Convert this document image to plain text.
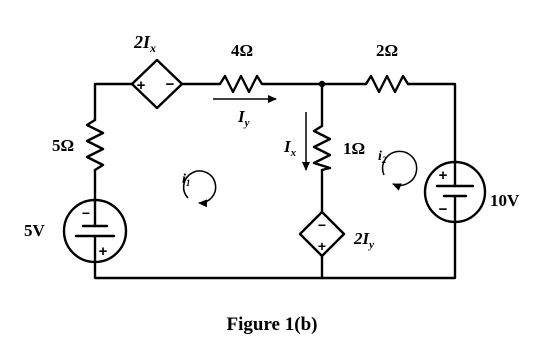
+ −
−
+
−
+
+
−
$2I_x$	4Ω	2Ω
5Ω	1Ω
5V
10V
$2I_y$
$I_y$
$I_x$
$i_1$
$i_2$
Figure 1(b)
